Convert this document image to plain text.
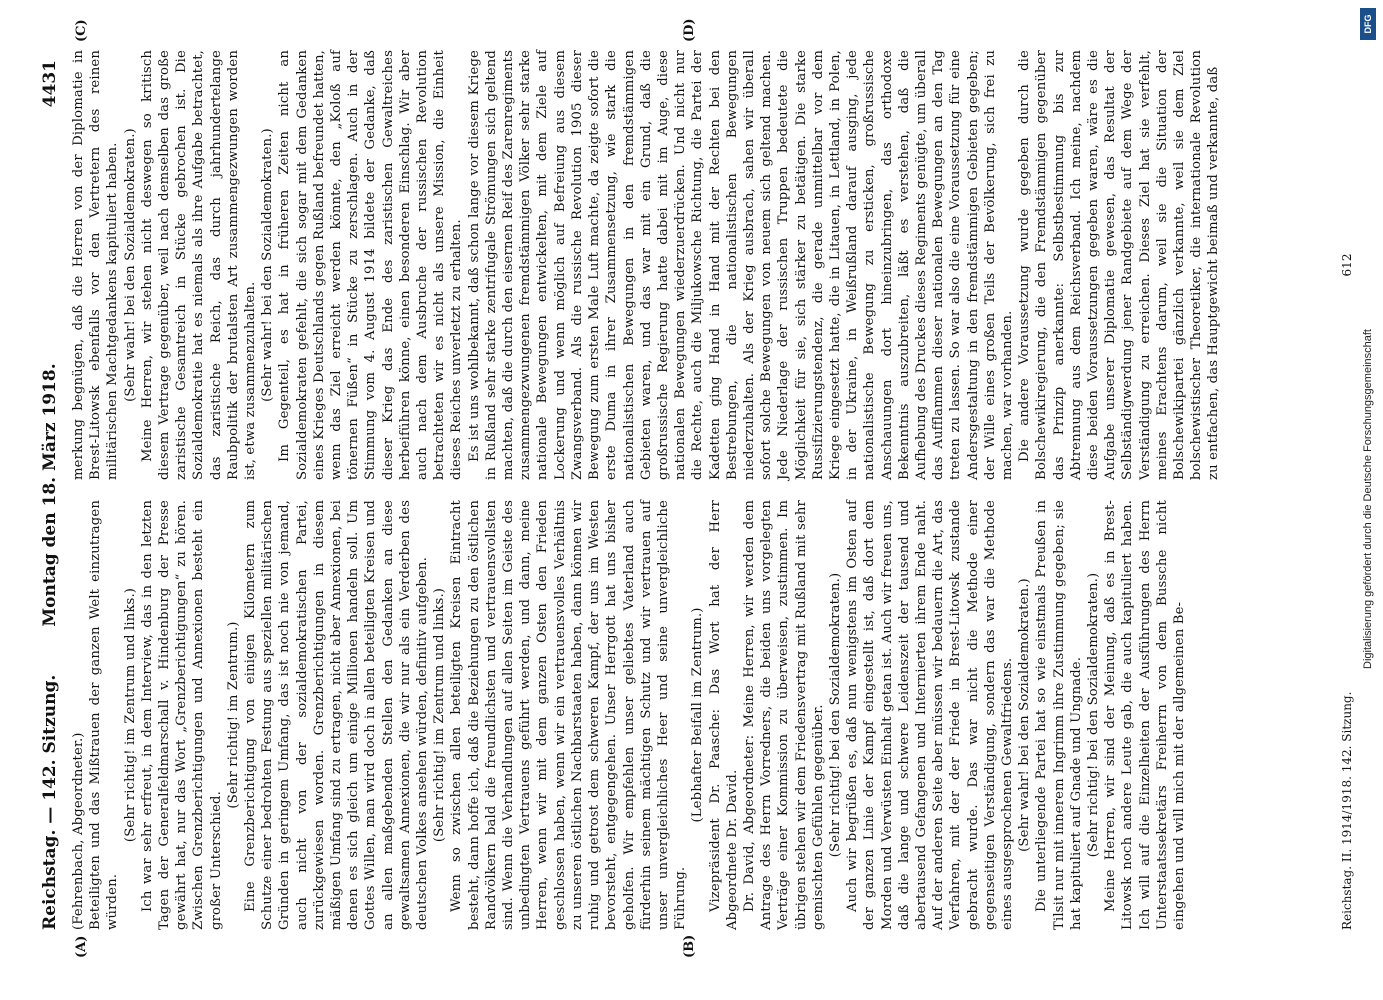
Reichstag. — 142. Sitzung.
Montag den 18. März 1918.
4431
(A)	(B)
(C)	(D)

(Fehrenbach, Abgeordneter.) Beteiligten und das Mißtrauen der ganzen Welt einzutragen würden.

(Sehr richtig! im Zentrum und links.) Ich war sehr erfreut, in dem Interview, das in den letzten Tagen der Generalfeldmarschall v. Hindenburg der Presse gewährt hat, nur das Wort „Grenzberichtigungen“ zu hören. Zwischen Grenzberichtigungen und Annexionen besteht ein großer Unterschied.

(Sehr richtig! im Zentrum.) Eine Grenzberichtigung von einigen Kilometern zum Schutze einer bedrohten Festung aus speziellen militärischen Gründen in geringem Umfang, das ist noch nie von jemand, auch nicht von der sozialdemokratischen Partei, zurückgewiesen worden. Grenzberichtigungen in diesem mäßigen Umfang sind zu ertragen, nicht aber Annexionen, bei denen es sich gleich um einige Millionen handeln soll. Um Gottes Willen, man wird doch in allen beteiligten Kreisen und an allen maßgebenden Stellen den Gedanken an diese gewaltsamen Annexionen, die wir nur als ein Verderben des deutschen Volkes ansehen würden, definitiv aufgeben. (Sehr richtig! im Zentrum und links.) Wenn so zwischen allen beteiligten Kreisen Eintracht besteht, dann hoffe ich, daß die Beziehungen zu den östlichen Randvölkern bald die freundlichsten und vertrauensvollsten sind. Wenn die Verhandlungen auf allen Seiten im Geiste des unbedingten Vertrauens geführt werden, und dann, meine Herren, wenn wir mit dem ganzen Osten den Frieden geschlossen haben, wenn wir ein vertrauensvolles Verhältnis zu unseren östlichen Nachbarstaaten haben, dann können wir ruhig und getrost dem schweren Kampf, der uns im Westen bevorsteht, entgegengehen. Unser Herrgott hat uns bisher geholfen. Wir empfehlen unser geliebtes Vaterland auch fürderhin seinem mächtigen Schutz und wir vertrauen auf unser unvergleichliches Heer und seine unvergleichliche Führung.

(Lebhafter Beifall im Zentrum.) Vizepräsident Dr. Paasche: Das Wort hat der Herr Abgeordnete Dr. David. Dr. David, Abgeordneter: Meine Herren, wir werden dem Antrage des Herrn Vorredners, die beiden uns vorgelegten Verträge einer Kommission zu überweisen, zustimmen. Im übrigen stehen wir dem Friedensvertrag mit Rußland mit sehr gemischten Gefühlen gegenüber. (Sehr richtig! bei den Sozialdemokraten.) Auch wir begrüßen es, daß nun wenigstens im Osten auf der ganzen Linie der Kampf eingestellt ist, daß dort dem Morden und Verwüsten Einhalt getan ist. Auch wir freuen uns, daß die lange und schwere Leidenszeit der tausend und abertausend Gefangenen und Internierten ihrem Ende naht. Auf der anderen Seite aber müssen wir bedauern die Art, das Verfahren, mit der der Friede in Brest-Litowsk zustande gebracht wurde. Das war nicht die Methode einer gegenseitigen Verständigung, sondern das war die Methode eines ausgesprochenen Gewaltfriedens. (Sehr wahr! bei den Sozialdemokraten.) Die unterliegende Partei hat so wie einstmals Preußen in Tilsit nur mit innerem Ingrimm ihre Zustimmung gegeben; sie hat kapituliert auf Gnade und Ungnade. (Sehr richtig! bei den Sozialdemokraten.) Meine Herren, wir sind der Meinung, daß es in Brest-Litowsk noch andere Leute gab, die auch kapituliert haben. Ich will auf die Einzelheiten der Ausführungen des Herrn Unterstaatssekretärs Freiherrn von dem Bussche nicht eingehen und will mich mit der allgemeinen Be-

merkung begnügen, daß die Herren von der Diplomatie in Brest-Litowsk ebenfalls vor den Vertretern des reinen militärischen Machtgedankens kapituliert haben. (Sehr wahr! bei den Sozialdemokraten.) Meine Herren, wir stehen nicht deswegen so kritisch diesem Vertrage gegenüber, weil nach demselben das große zaristische Gesamtreich in Stücke gebrochen ist. Die Sozialdemokratie hat es niemals als ihre Aufgabe betrachtet, das zaristische Reich, das durch jahrhundertelange Raubpolitik der brutalsten Art zusammengezwungen worden ist, etwa zusammenzuhalten. (Sehr wahr! bei den Sozialdemokraten.) Im Gegenteil, es hat in früheren Zeiten nicht an Sozialdemokraten gefehlt, die sich sogar mit dem Gedanken eines Krieges Deutschlands gegen Rußland befreundet hatten, wenn das Ziel erreicht werden könnte, den „Koloß auf tönernen Füßen“ in Stücke zu zerschlagen. Auch in der Stimmung vom 4. August 1914 bildete der Gedanke, daß dieser Krieg das Ende des zaristischen Gewaltreiches herbeiführen könne, einen besonderen Einschlag. Wir aber auch nach dem Ausbruche der russischen Revolution betrachteten wir es nicht als unsere Mission, die Einheit dieses Reiches unverletzt zu erhalten. Es ist uns wohlbekannt, daß schon lange vor diesem Kriege in Rußland sehr starke zentrifugale Strömungen sich geltend machten, daß die durch den eisernen Reif des Zarenregiments zusammengezwungenen fremdstämmigen Völker sehr starke nationale Bewegungen entwickelten, mit dem Ziele auf Lockerung und wenn möglich auf Befreiung aus diesem Zwangsverband. Als die russische Revolution 1905 dieser Bewegung zum ersten Male Luft machte, da zeigte sofort die erste Duma in ihrer Zusammensetzung, wie stark die nationalistischen Bewegungen in den fremdstämmigen Gebieten waren, und das war mit ein Grund, daß die großrussische Regierung hatte dabei mit im Auge, diese nationalen Bewegungen wiederzuerdrücken. Und nicht nur die Rechte, auch die Miljukowsche Richtung, die Partei der Kadetten ging Hand in Hand mit der Rechten bei den Bestrebungen, die nationalistischen Bewegungen niederzuhalten. Als der Krieg ausbrach, sahen wir überall sofort solche Bewegungen von neuem sich geltend machen. Jede Niederlage der russischen Truppen bedeutete die Möglichkeit für sie, sich stärker zu betätigen. Die starke Russifizierungstendenz, die gerade unmittelbar vor dem Kriege eingesetzt hatte, die in Litauen, in Lettland, in Polen, in der Ukraine, in Weißrußland darauf ausging, jede nationalistische Bewegung zu ersticken, großrussische Anschauungen dort hineinzubringen, das orthodoxe Bekenntnis auszubreiten, läßt es verstehen, daß die Aufhebung des Druckes dieses Regiments genügte, um überall das Aufflammen dieser nationalen Bewegungen an den Tag treten zu lassen. So war also die eine Voraussetzung für eine Andersgestaltung in den fremdstämmigen Gebieten gegeben; der Wille eines großen Teils der Bevölkerung, sich frei zu machen, war vorhanden. Die andere Voraussetzung wurde gegeben durch die Bolschewikiregierung, die den Fremdstämmigen gegenüber das Prinzip anerkannte: Selbstbestimmung bis zur Abtrennung aus dem Reichsverband. Ich meine, nachdem diese beiden Voraussetzungen gegeben waren, wäre es die Aufgabe unserer Diplomatie gewesen, das Resultat der Selbständigwerdung jener Randgebiete auf dem Wege der Verständigung zu erreichen. Dieses Ziel hat sie verfehlt, meines Erachtens darum, weil sie die Situation der Bolschewikipartei gänzlich verkannte, weil sie dem Ziel bolschewistischer Theoretiker, die internationale Revolution zu entfachen, das Hauptgewicht beimaß und verkannte, daß

Reichstag. II. 1914/1918. 142. Sitzung.
612
DFG
Digitalisierung gefördert durch die Deutsche Forschungsgemeinschaft
